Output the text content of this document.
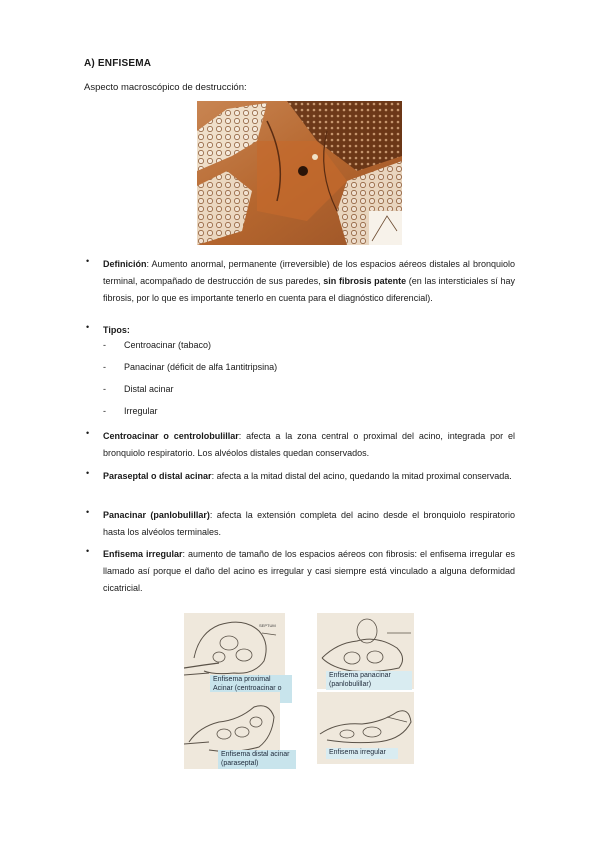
A) ENFISEMA
Aspecto macroscópico de destrucción:
• Definición: Aumento anormal, permanente (irreversible) de los espacios aéreos distales al bronquiolo terminal, acompañado de destrucción de sus paredes, sin fibrosis patente (en las intersticiales sí hay fibrosis, por lo que es importante tenerlo en cuenta para el diagnóstico diferencial).
• Tipos:
- Centroacinar (tabaco)
- Panacinar (déficit de alfa 1antitripsina)
- Distal acinar
- Irregular
• Centroacinar o centrolobulillar: afecta a la zona central o proximal del acino, integrada por el bronquiolo respiratorio. Los alvéolos distales quedan conservados.
• Paraseptal o distal acinar: afecta a la mitad distal del acino, quedando la mitad proximal conservada.
• Panacinar (panlobulillar): afecta la extensión completa del acino desde el bronquiolo respiratorio hasta los alvéolos terminales.
• Enfisema irregular: aumento de tamaño de los espacios aéreos con fibrosis: el enfisema irregular es llamado así porque el daño del acino es irregular y casi siempre está vinculado a alguna deformidad cicatricial.
SEPTUM
Enfisema proximal Acinar (centroacinar o
Enfisema panacinar (panlobulillar)
Enfisema distal acinar (paraseptal)
Enfisema irregular
